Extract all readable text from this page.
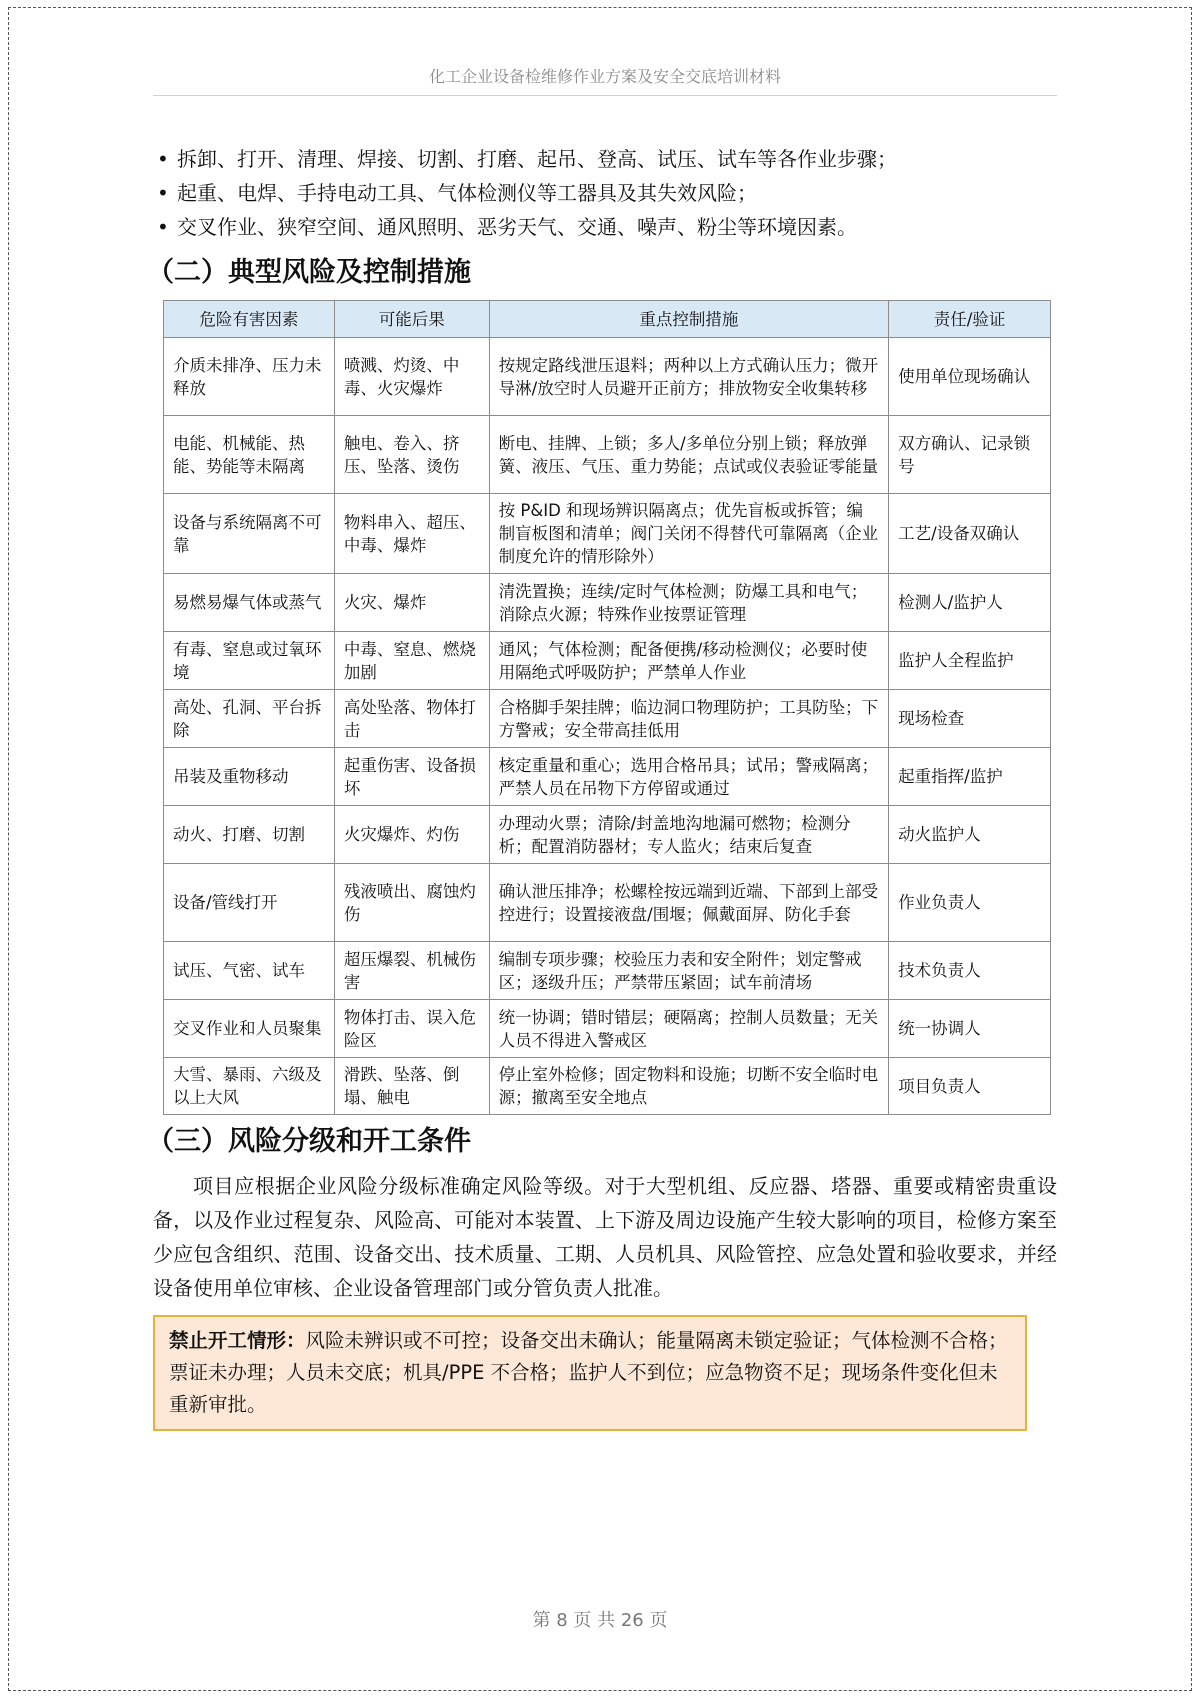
化工企业设备检维修作业方案及安全交底培训材料
• 拆卸、打开、清理、焊接、切割、打磨、起吊、登高、试压、试车等各作业步骤；
• 起重、电焊、手持电动工具、气体检测仪等工器具及其失效风险；
• 交叉作业、狭窄空间、通风照明、恶劣天气、交通、噪声、粉尘等环境因素。
（二）典型风险及控制措施
危险有害因素	可能后果	重点控制措施	责任/验证
介质未排净、压力未释放	喷溅、灼烫、中毒、火灾爆炸	按规定路线泄压退料；两种以上方式确认压力；微开导淋/放空时人员避开正前方；排放物安全收集转移	使用单位现场确认
电能、机械能、热能、势能等未隔离	触电、卷入、挤压、坠落、烫伤	断电、挂牌、上锁；多人/多单位分别上锁；释放弹簧、液压、气压、重力势能；点试或仪表验证零能量	双方确认、记录锁号
设备与系统隔离不可靠	物料串入、超压、中毒、爆炸	按 P&ID 和现场辨识隔离点；优先盲板或拆管；编制盲板图和清单；阀门关闭不得替代可靠隔离（企业制度允许的情形除外）	工艺/设备双确认
易燃易爆气体或蒸气	火灾、爆炸	清洗置换；连续/定时气体检测；防爆工具和电气；消除点火源；特殊作业按票证管理	检测人/监护人
有毒、窒息或过氧环境	中毒、窒息、燃烧加剧	通风；气体检测；配备便携/移动检测仪；必要时使用隔绝式呼吸防护；严禁单人作业	监护人全程监护
高处、孔洞、平台拆除	高处坠落、物体打击	合格脚手架挂牌；临边洞口物理防护；工具防坠；下方警戒；安全带高挂低用	现场检查
吊装及重物移动	起重伤害、设备损坏	核定重量和重心；选用合格吊具；试吊；警戒隔离；严禁人员在吊物下方停留或通过	起重指挥/监护
动火、打磨、切割	火灾爆炸、灼伤	办理动火票；清除/封盖地沟地漏可燃物；检测分析；配置消防器材；专人监火；结束后复查	动火监护人
设备/管线打开	残液喷出、腐蚀灼伤	确认泄压排净；松螺栓按远端到近端、下部到上部受控进行；设置接液盘/围堰；佩戴面屏、防化手套	作业负责人
试压、气密、试车	超压爆裂、机械伤害	编制专项步骤；校验压力表和安全附件；划定警戒区；逐级升压；严禁带压紧固；试车前清场	技术负责人
交叉作业和人员聚集	物体打击、误入危险区	统一协调；错时错层；硬隔离；控制人员数量；无关人员不得进入警戒区	统一协调人
大雪、暴雨、六级及以上大风	滑跌、坠落、倒塌、触电	停止室外检修；固定物料和设施；切断不安全临时电源；撤离至安全地点	项目负责人
（三）风险分级和开工条件

项目应根据企业风险分级标准确定风险等级。对于大型机组、反应器、塔器、重要或精密贵重设备，以及作业过程复杂、风险高、可能对本装置、上下游及周边设施产生较大影响的项目，检修方案至少应包含组织、范围、设备交出、技术质量、工期、人员机具、风险管控、应急处置和验收要求，并经设备使用单位审核、企业设备管理部门或分管负责人批准。

禁止开工情形：风险未辨识或不可控；设备交出未确认；能量隔离未锁定验证；气体检测不合格；票证未办理；人员未交底；机具/PPE 不合格；监护人不到位；应急物资不足；现场条件变化但未重新审批。
第 8 页 共 26 页
